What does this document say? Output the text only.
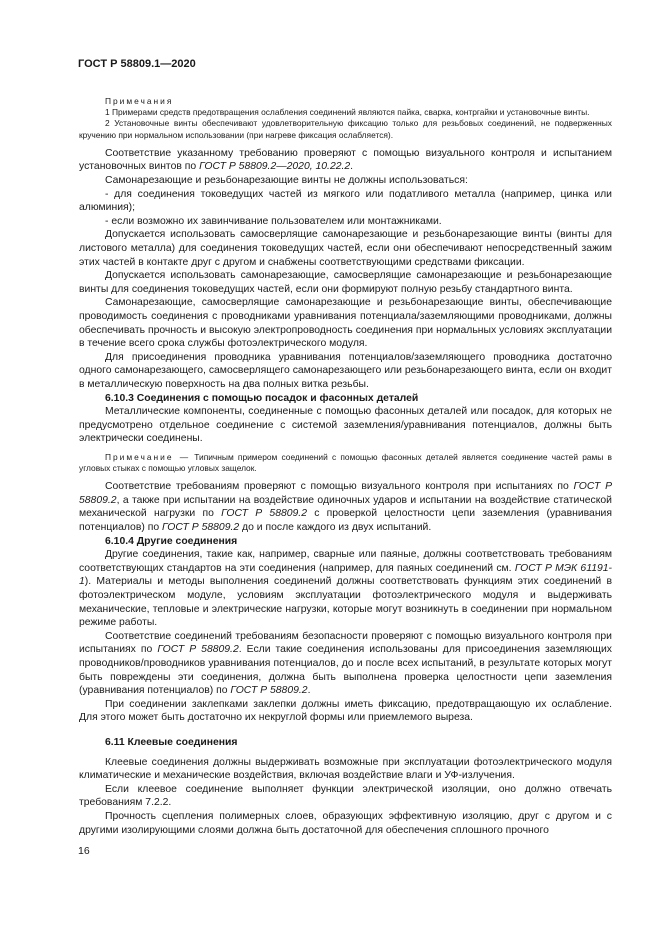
ГОСТ Р 58809.1—2020

Примечания

1 Примерами средств предотвращения ослабления соединений являются пайка, сварка, контргайки и установочные винты.

2 Установочные винты обеспечивают удовлетворительную фиксацию только для резьбовых соединений, не подверженных кручению при нормальном использовании (при нагреве фиксация ослабляется).

Соответствие указанному требованию проверяют с помощью визуального контроля и испытанием установочных винтов по ГОСТ Р 58809.2—2020, 10.22.2.

Самонарезающие и резьбонарезающие винты не должны использоваться:

- для соединения токоведущих частей из мягкого или податливого металла (например, цинка или алюминия);

- если возможно их завинчивание пользователем или монтажниками.

Допускается использовать самосверлящие самонарезающие и резьбонарезающие винты (винты для листового металла) для соединения токоведущих частей, если они обеспечивают непосредственный зажим этих частей в контакте друг с другом и снабжены соответствующими средствами фиксации.

Допускается использовать самонарезающие, самосверлящие самонарезающие и резьбонарезающие винты для соединения токоведущих частей, если они формируют полную резьбу стандартного винта.

Самонарезающие, самосверлящие самонарезающие и резьбонарезающие винты, обеспечивающие проводимость соединения с проводниками уравнивания потенциала/заземляющими проводниками, должны обеспечивать прочность и высокую электропроводность соединения при нормальных условиях эксплуатации в течение всего срока службы фотоэлектрического модуля.

Для присоединения проводника уравнивания потенциалов/заземляющего проводника достаточно одного самонарезающего, самосверлящего самонарезающего или резьбонарезающего винта, если он входит в металлическую поверхность на два полных витка резьбы.

6.10.3 Соединения с помощью посадок и фасонных деталей

Металлические компоненты, соединенные с помощью фасонных деталей или посадок, для которых не предусмотрено отдельное соединение с системой заземления/уравнивания потенциалов, должны быть электрически соединены.

Примечание — Типичным примером соединений с помощью фасонных деталей является соединение частей рамы в угловых стыках с помощью угловых защелок.

Соответствие требованиям проверяют с помощью визуального контроля при испытаниях по ГОСТ Р 58809.2, а также при испытании на воздействие одиночных ударов и испытании на воздействие статической механической нагрузки по ГОСТ Р 58809.2 с проверкой целостности цепи заземления (уравнивания потенциалов) по ГОСТ Р 58809.2 до и после каждого из двух испытаний.

6.10.4 Другие соединения

Другие соединения, такие как, например, сварные или паяные, должны соответствовать требованиям соответствующих стандартов на эти соединения (например, для паяных соединений см. ГОСТ Р МЭК 61191-1). Материалы и методы выполнения соединений должны соответствовать функциям этих соединений в фотоэлектрическом модуле, условиям эксплуатации фотоэлектрического модуля и выдерживать механические, тепловые и электрические нагрузки, которые могут возникнуть в соединении при нормальном режиме работы.

Соответствие соединений требованиям безопасности проверяют с помощью визуального контроля при испытаниях по ГОСТ Р 58809.2. Если такие соединения использованы для присоединения заземляющих проводников/проводников уравнивания потенциалов, до и после всех испытаний, в результате которых могут быть повреждены эти соединения, должна быть выполнена проверка целостности цепи заземления (уравнивания потенциалов) по ГОСТ Р 58809.2.

При соединении заклепками заклепки должны иметь фиксацию, предотвращающую их ослабление. Для этого может быть достаточно их некруглой формы или приемлемого выреза.

6.11 Клеевые соединения

Клеевые соединения должны выдерживать возможные при эксплуатации фотоэлектрического модуля климатические и механические воздействия, включая воздействие влаги и УФ-излучения.

Если клеевое соединение выполняет функции электрической изоляции, оно должно отвечать требованиям 7.2.2.

Прочность сцепления полимерных слоев, образующих эффективную изоляцию, друг с другом и с другими изолирующими слоями должна быть достаточной для обеспечения сплошного прочного

16
